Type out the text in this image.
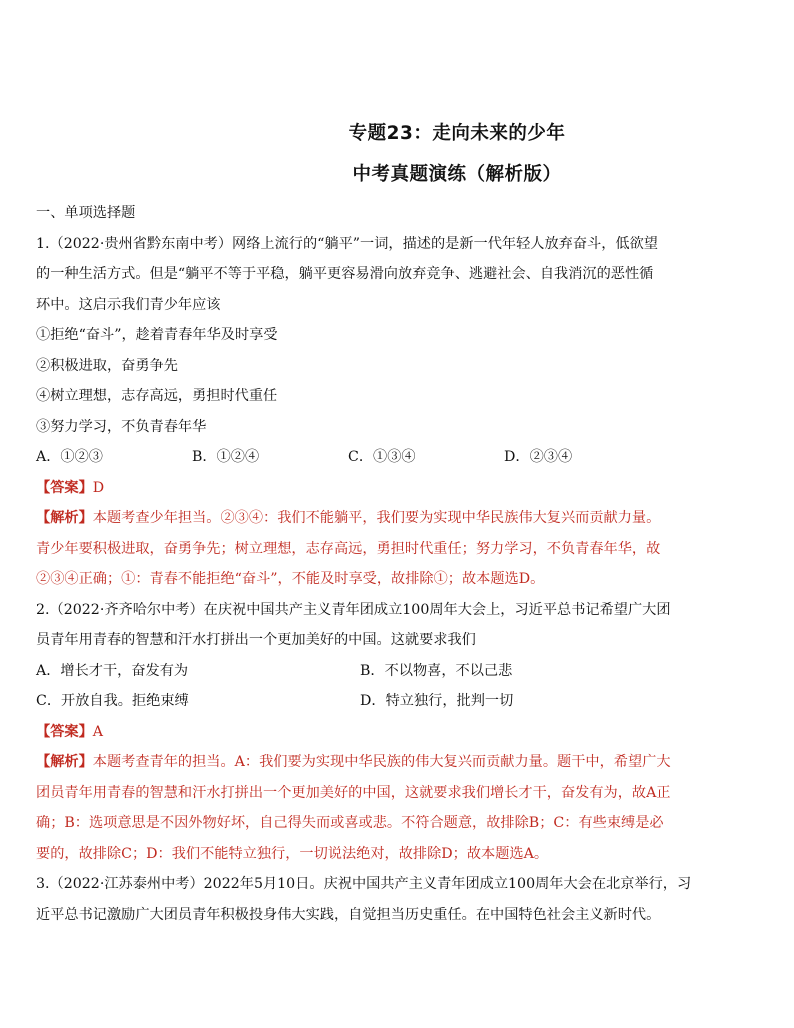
专题23：走向未来的少年
中考真题演练（解析版）
一、单项选择题
1.（2022·贵州省黔东南中考）网络上流行的“躺平”一词，描述的是新一代年轻人放弃奋斗，低欲望
的一种生活方式。但是“躺平不等于平稳，躺平更容易滑向放弃竞争、逃避社会、自我消沉的恶性循
环中。这启示我们青少年应该
①拒绝“奋斗”，趁着青春年华及时享受
②积极进取，奋勇争先
④树立理想，志存高远，勇担时代重任
③努力学习，不负青春年华
A．①②③	B．①②④	C．①③④	D．②③④
【答案】D
【解析】本题考查少年担当。②③④：我们不能躺平，我们要为实现中华民族伟大复兴而贡献力量。
青少年要积极进取，奋勇争先；树立理想，志存高远，勇担时代重任；努力学习，不负青春年华，故
②③④正确；①：青春不能拒绝“奋斗”，不能及时享受，故排除①；故本题选D。
2.（2022·齐齐哈尔中考）在庆祝中国共产主义青年团成立100周年大会上，习近平总书记希望广大团
员青年用青春的智慧和汗水打拼出一个更加美好的中国。这就要求我们
A．增长才干，奋发有为	B．不以物喜，不以己悲
C．开放自我。拒绝束缚	D．特立独行，批判一切
【答案】A
【解析】本题考查青年的担当。A：我们要为实现中华民族的伟大复兴而贡献力量。题干中，希望广大
团员青年用青春的智慧和汗水打拼出一个更加美好的中国，这就要求我们增长才干，奋发有为，故A正
确；B：选项意思是不因外物好坏，自己得失而或喜或悲。不符合题意，故排除B；C：有些束缚是必
要的，故排除C；D：我们不能特立独行，一切说法绝对，故排除D；故本题选A。
3.（2022·江苏泰州中考）2022年5月10日。庆祝中国共产主义青年团成立100周年大会在北京举行，习
近平总书记激励广大团员青年积极投身伟大实践，自觉担当历史重任。在中国特色社会主义新时代。
